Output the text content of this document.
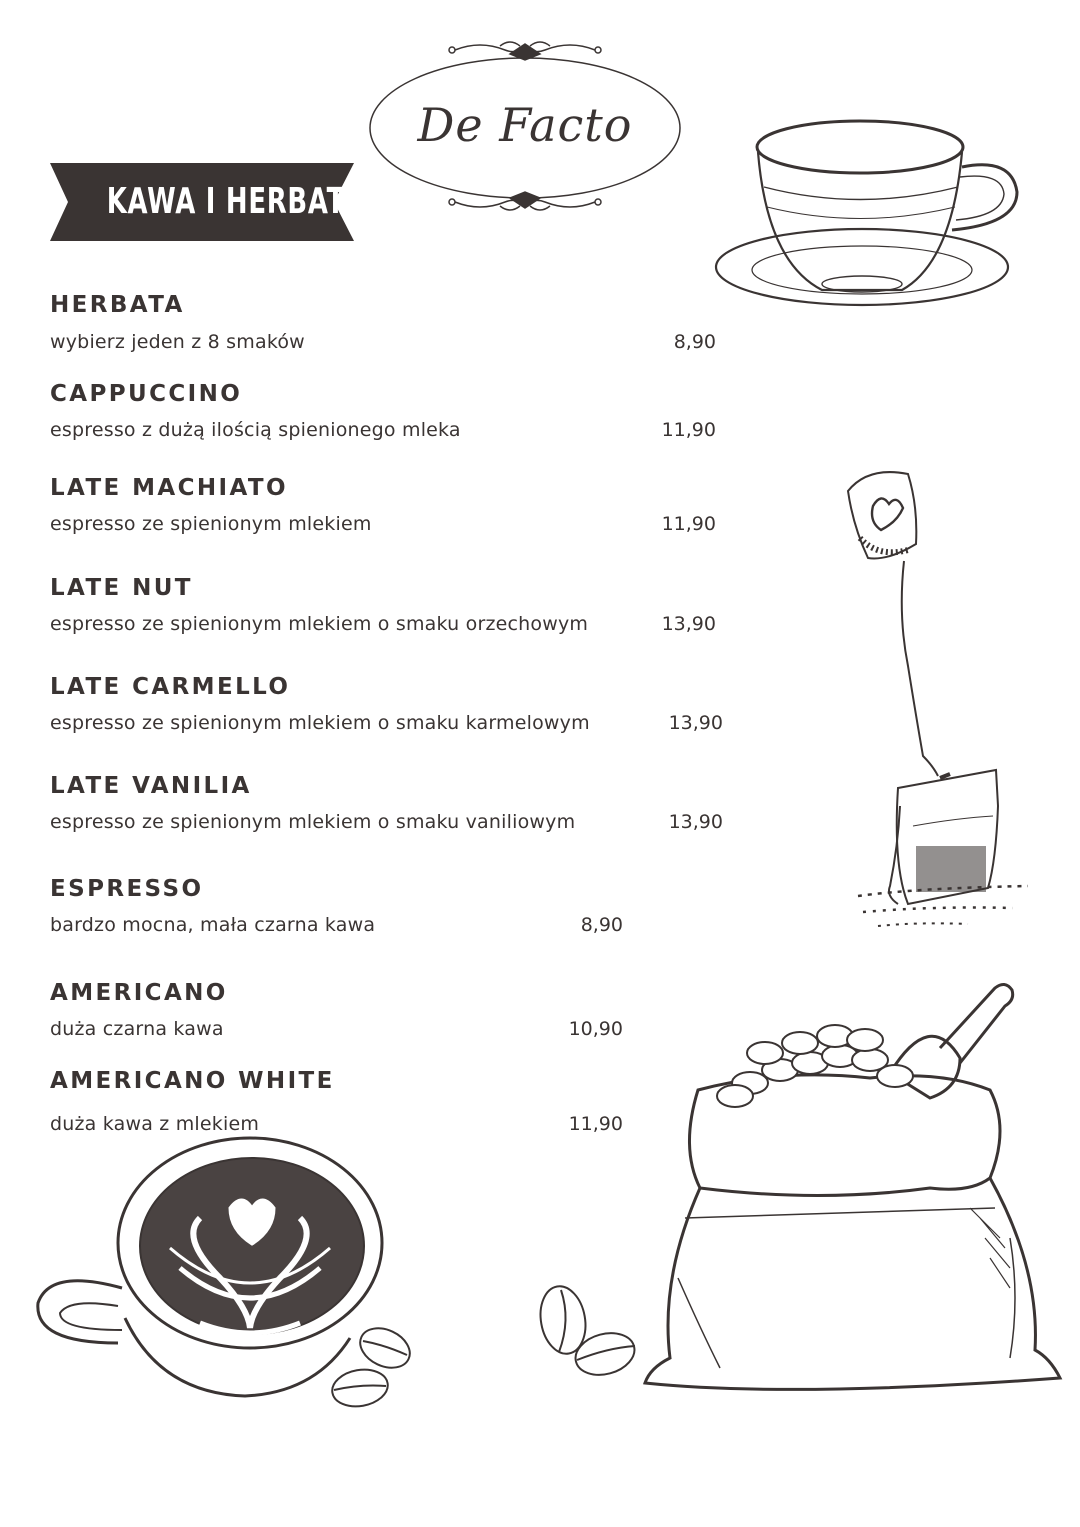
De Facto
KAWA I HERBATA
HERBATA
wybierz jeden z 8 smaków	8,90
CAPPUCCINO
espresso z dużą ilością spienionego mleka	11,90
LATE MACHIATO
espresso ze spienionym mlekiem	11,90
LATE NUT
espresso ze spienionym mlekiem o smaku orzechowym	13,90
LATE CARMELLO
espresso ze spienionym mlekiem o smaku karmelowym	13,90
LATE VANILIA
espresso ze spienionym mlekiem o smaku vaniliowym	13,90
ESPRESSO
bardzo mocna, mała czarna kawa	8,90
AMERICANO
duża czarna kawa	10,90
AMERICANO WHITE
duża kawa z mlekiem	11,90
